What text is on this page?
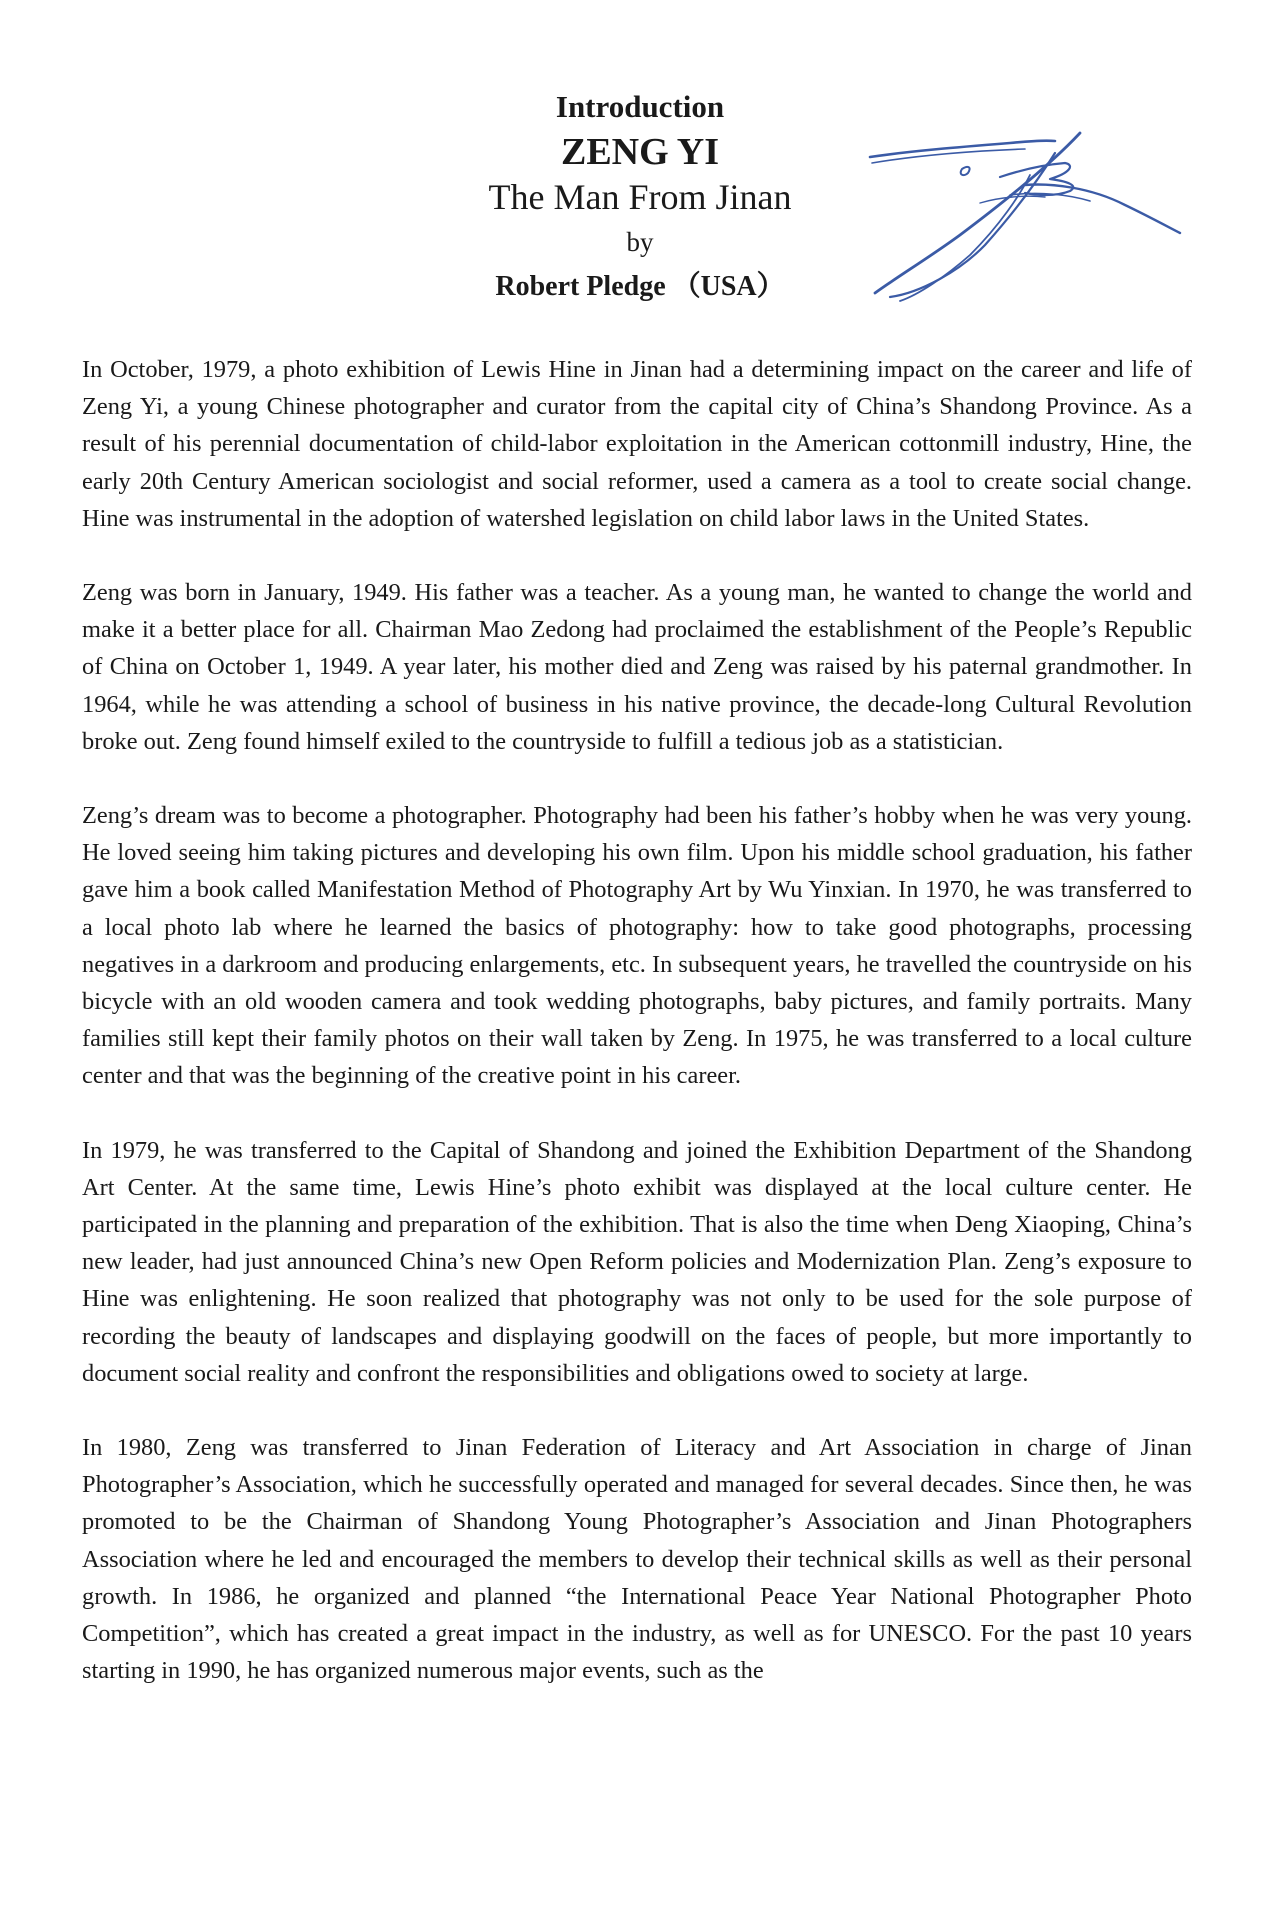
Introduction
ZENG YI
The Man From Jinan
by
Robert Pledge （USA）

In October, 1979, a photo exhibition of Lewis Hine in Jinan had a determining impact on the career and life of Zeng Yi, a young Chinese photographer and curator from the capital city of China’s Shandong Province. As a result of his perennial documentation of child-labor exploitation in the American cottonmill industry, Hine, the early 20th Century American sociologist and social reformer, used a camera as a tool to create social change. Hine was instrumental in the adoption of watershed legislation on child labor laws in the United States.

Zeng was born in January, 1949. His father was a teacher. As a young man, he wanted to change the world and make it a better place for all. Chairman Mao Zedong had proclaimed the establishment of the People’s Republic of China on October 1, 1949. A year later, his mother died and Zeng was raised by his paternal grandmother. In 1964, while he was attending a school of business in his native province, the decade-long Cultural Revolution broke out. Zeng found himself exiled to the countryside to fulfill a tedious job as a statistician.

Zeng’s dream was to become a photographer. Photography had been his father’s hobby when he was very young. He loved seeing him taking pictures and developing his own film. Upon his middle school graduation, his father gave him a book called Manifestation Method of Photography Art by Wu Yinxian. In 1970, he was transferred to a local photo lab where he learned the basics of photography: how to take good photographs, processing negatives in a darkroom and producing enlargements, etc. In subsequent years, he travelled the countryside on his bicycle with an old wooden camera and took wedding photographs, baby pictures, and family portraits. Many families still kept their family photos on their wall taken by Zeng. In 1975, he was transferred to a local culture center and that was the beginning of the creative point in his career.

In 1979, he was transferred to the Capital of Shandong and joined the Exhibition Department of the Shandong Art Center. At the same time, Lewis Hine’s photo exhibit was displayed at the local culture center. He participated in the planning and preparation of the exhibition. That is also the time when Deng Xiaoping, China’s new leader, had just announced China’s new Open Reform policies and Modernization Plan. Zeng’s exposure to Hine was enlightening. He soon realized that photography was not only to be used for the sole purpose of recording the beauty of landscapes and displaying goodwill on the faces of people, but more importantly to document social reality and confront the responsibilities and obligations owed to society at large.

In 1980, Zeng was transferred to Jinan Federation of Literacy and Art Association in charge of Jinan Photographer’s Association, which he successfully operated and managed for several decades. Since then, he was promoted to be the Chairman of Shandong Young Photographer’s Association and Jinan Photographers Association where he led and encouraged the members to develop their technical skills as well as their personal growth. In 1986, he organized and planned “the International Peace Year National Photographer Photo Competition”, which has created a great impact in the industry, as well as for UNESCO. For the past 10 years starting in 1990, he has organized numerous major events, such as the
